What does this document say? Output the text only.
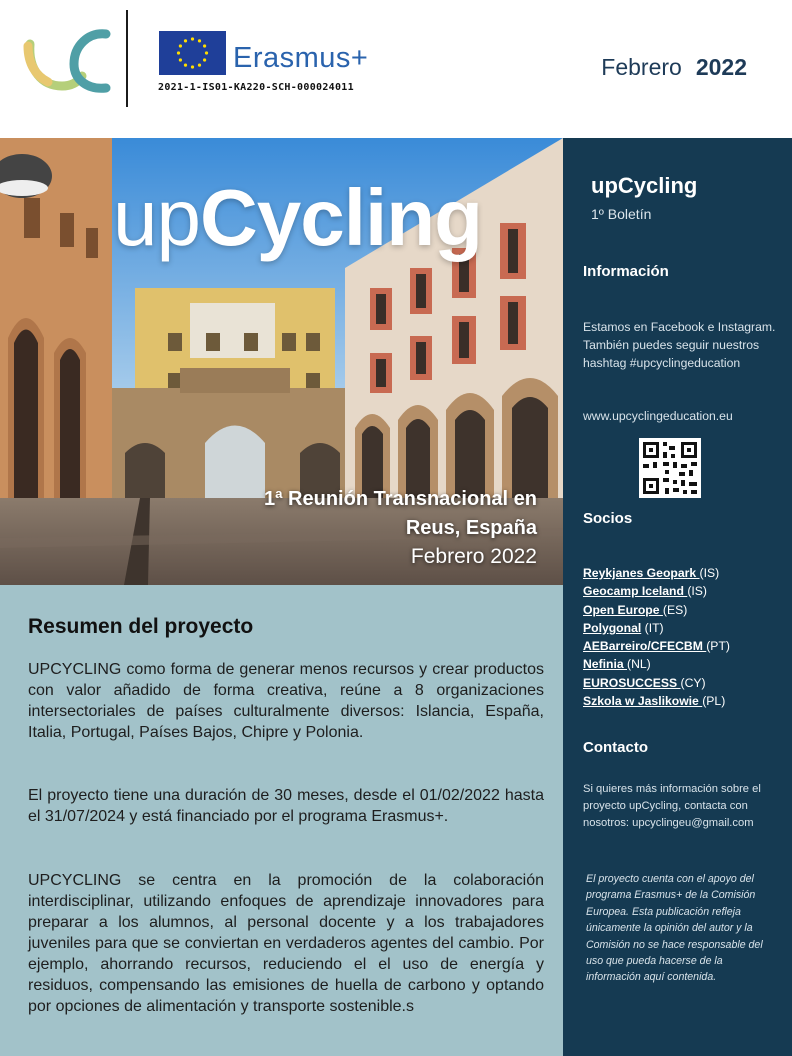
Erasmus+
2021-1-IS01-KA220-SCH-000024011
Febrero 2022
upCycling
1ª Reunión Transnacional en
Reus, España
Febrero 2022
Resumen del proyecto

UPCYCLING como forma de generar menos recursos y crear productos con valor añadido de forma creativa, reúne a 8 organizaciones intersectoriales de países culturalmente diversos: Islancia, España, Italia, Portugal, Países Bajos, Chipre y Polonia.

El proyecto tiene una duración de 30 meses, desde el 01/02/2022 hasta el 31/07/2024 y está financiado por el programa Erasmus+.

UPCYCLING se centra en la promoción de la colaboración interdisciplinar, utilizando enfoques de aprendizaje innovadores para preparar a los alumnos, al personal docente y a los trabajadores juveniles para que se conviertan en verdaderos agentes del cambio. Por ejemplo, ahorrando recursos, reduciendo el el uso de energía y residuos, compensando las emisiones de huella de carbono y optando por opciones de alimentación y transporte sostenible.s

upCycling
1º Boletín
Información
Estamos en Facebook e Instagram. También puedes seguir nuestros hashtag #upcyclingeducation
www.upcyclingeducation.eu
Socios
Reykjanes Geopark (IS)
Geocamp Iceland (IS)
Open Europe (ES)
Polygonal (IT)
AEBarreiro/CFECBM (PT)
Nefinia (NL)
EUROSUCCESS (CY)
Szkola w Jaslikowie (PL)
Contacto
Si quieres más información sobre el proyecto upCycling, contacta con nosotros: upcyclingeu@gmail.com
El proyecto cuenta con el apoyo del programa Erasmus+ de la Comisión Europea. Esta publicación refleja únicamente la opinión del autor y la Comisión no se hace responsable del uso que pueda hacerse de la información aquí contenida.
